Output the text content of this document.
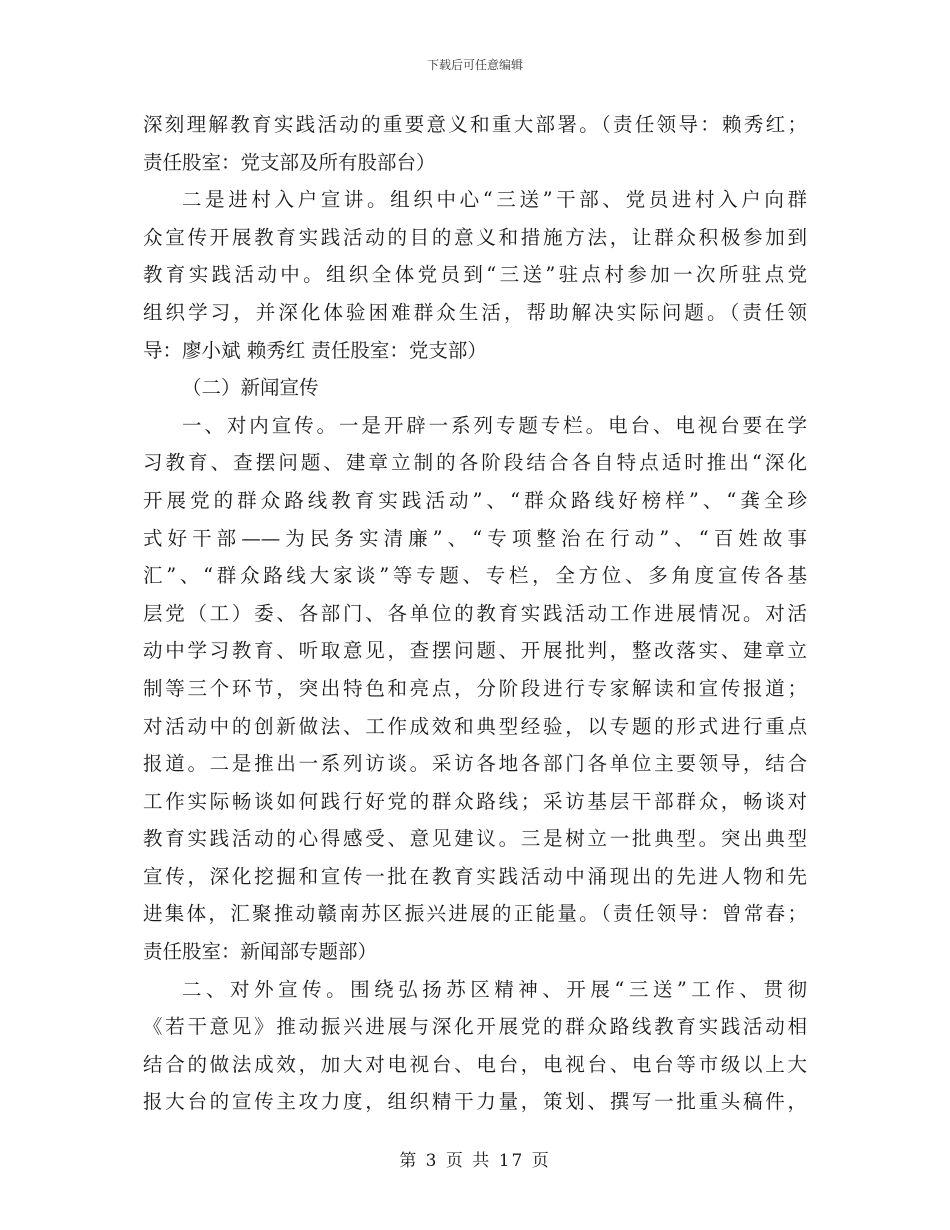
下载后可任意编辑
深刻理解教育实践活动的重要意义和重大部署。（责任领导：赖秀红；
责任股室：党支部及所有股部台）
二是进村入户宣讲。组织中心“三送”干部、党员进村入户向群
众宣传开展教育实践活动的目的意义和措施方法，让群众积极参加到
教育实践活动中。组织全体党员到“三送”驻点村参加一次所驻点党
组织学习，并深化体验困难群众生活，帮助解决实际问题。（责任领
导：廖小斌 赖秀红 责任股室：党支部）
（二）新闻宣传
一、对内宣传。一是开辟一系列专题专栏。电台、电视台要在学
习教育、查摆问题、建章立制的各阶段结合各自特点适时推出“深化
开展党的群众路线教育实践活动”、“群众路线好榜样”、“龚全珍
式好干部——为民务实清廉”、“专项整治在行动”、“百姓故事
汇”、“群众路线大家谈”等专题、专栏，全方位、多角度宣传各基
层党（工）委、各部门、各单位的教育实践活动工作进展情况。对活
动中学习教育、听取意见，查摆问题、开展批判，整改落实、建章立
制等三个环节，突出特色和亮点，分阶段进行专家解读和宣传报道；
对活动中的创新做法、工作成效和典型经验，以专题的形式进行重点
报道。二是推出一系列访谈。采访各地各部门各单位主要领导，结合
工作实际畅谈如何践行好党的群众路线；采访基层干部群众，畅谈对
教育实践活动的心得感受、意见建议。三是树立一批典型。突出典型
宣传，深化挖掘和宣传一批在教育实践活动中涌现出的先进人物和先
进集体，汇聚推动赣南苏区振兴进展的正能量。（责任领导：曾常春；
责任股室：新闻部专题部）
二、对外宣传。围绕弘扬苏区精神、开展“三送”工作、贯彻
《若干意见》推动振兴进展与深化开展党的群众路线教育实践活动相
结合的做法成效，加大对电视台、电台，电视台、电台等市级以上大
报大台的宣传主攻力度，组织精干力量，策划、撰写一批重头稿件，
第 3 页 共 17 页
